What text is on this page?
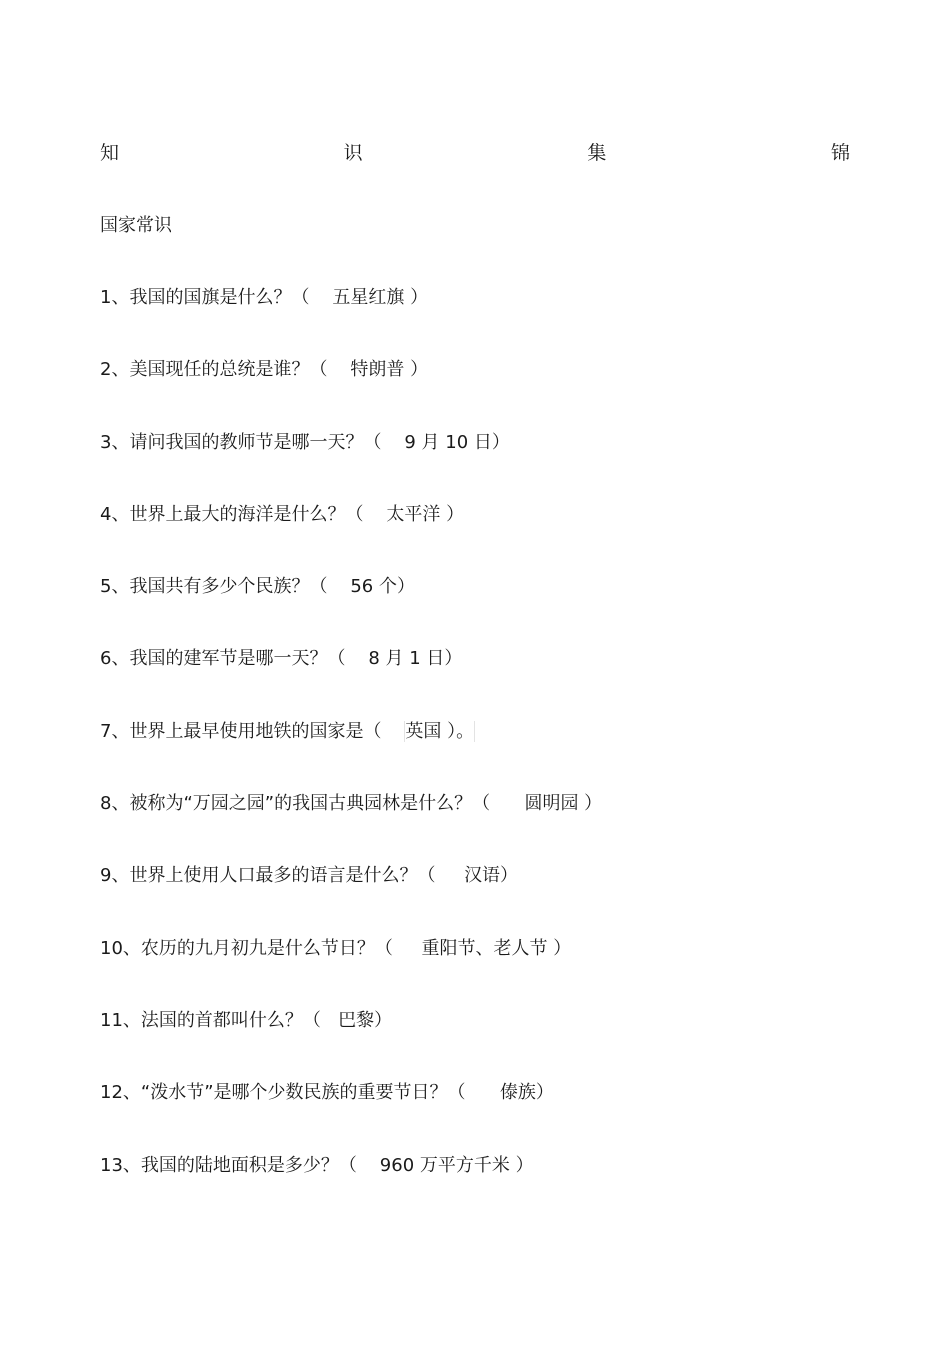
知	识	集	锦
国家常识
1、我国的国旗是什么？（ 五星红旗 ）
2、美国现任的总统是谁？（ 特朗普 ）
3、请问我国的教师节是哪一天？（ 9 月 10 日）
4、世界上最大的海洋是什么？（ 太平洋 ）
5、我国共有多少个民族？（ 56 个）
6、我国的建军节是哪一天？（ 8 月 1 日）
7、世界上最早使用地铁的国家是（ 英国 ）。
8、被称为“万园之园”的我国古典园林是什么？（ 圆明园 ）
9、世界上使用人口最多的语言是什么？（ 汉语）
10、农历的九月初九是什么节日？（ 重阳节、老人节 ）
11、法国的首都叫什么？（ 巴黎）
12、“泼水节”是哪个少数民族的重要节日？（ 傣族）
13、我国的陆地面积是多少？（ 960 万平方千米 ）
